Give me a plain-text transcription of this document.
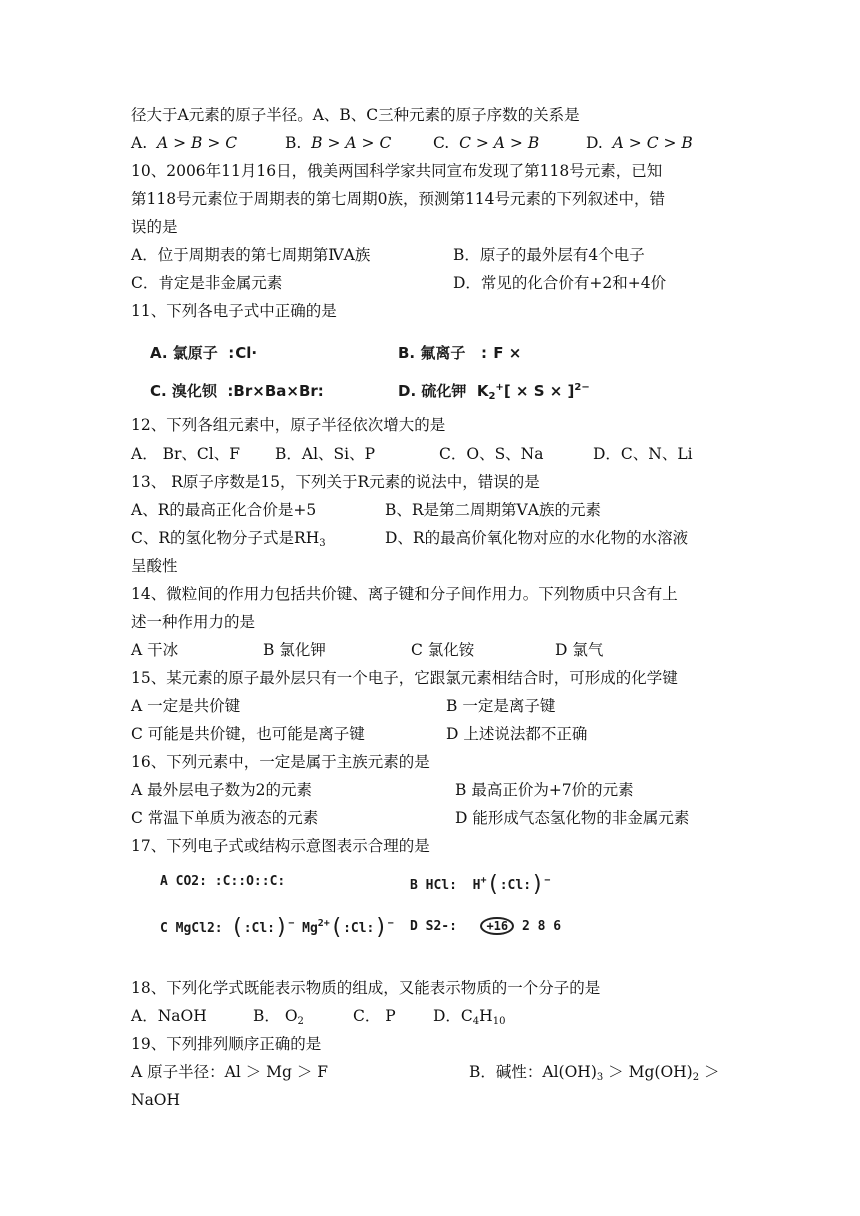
径大于A元素的原子半径。A、B、C三种元素的原子序数的关系是
A.  A > B > C	B.  B > A > C	C.  C > A > B	D.  A > C > B
10、2006年11月16日，俄美两国科学家共同宣布发现了第118号元素，已知
第118号元素位于周期表的第七周期0族，预测第114号元素的下列叙述中，错
误的是
A．位于周期表的第七周期第ⅣA族	B．原子的最外层有4个电子
C．肯定是非金属元素	D．常见的化合价有+2和+4价
11、下列各电子式中正确的是
A. 氯原子 :Cl·	B. 氟离子 : F ×
C. 溴化钡  :Br×Ba×Br:	D. 硫化钾  $K_2^+[ \times S \times ]^{2-}$
12、下列各组元素中，原子半径依次增大的是
A． Br、Cl、F B．Al、Si、P	C．O、S、Na	D．C、N、Li
13、 R原子序数是15，下列关于R元素的说法中，错误的是
A、R的最高正化合价是+5	B、R是第二周期第ⅤA族的元素
C、R的氢化物分子式是$RH_3$	D、R的最高价氧化物对应的水化物的水溶液
呈酸性
14、微粒间的作用力包括共价键、离子键和分子间作用力。下列物质中只含有上
述一种作用力的是
A 干冰	B 氯化钾	C 氯化铵	D 氯气
15、某元素的原子最外层只有一个电子，它跟氯元素相结合时，可形成的化学键
A 一定是共价键	B 一定是离子键
C 可能是共价键，也可能是离子键	D 上述说法都不正确
16、下列元素中，一定是属于主族元素的是
A 最外层电子数为2的元素	B 最高正价为+7价的元素
C 常温下单质为液态的元素	D 能形成气态氢化物的非金属元素
17、下列电子式或结构示意图表示合理的是
A CO2: :C::O::C:	B HCl:  H+(:Cl:)−
C MgCl2: (:Cl:)− $Mg^{2+}(:Cl:)^-$ D S2-: +16 2 8 6
18、下列化学式既能表示物质的组成，又能表示物质的一个分子的是
A．NaOH	B． $O_2$	C． P D．$C_4H_{10}$
19、下列排列顺序正确的是
A 原子半径：Al ＞ Mg ＞ F	B．碱性：$Al(OH)_3 > Mg(OH)_2$ ＞
NaOH
